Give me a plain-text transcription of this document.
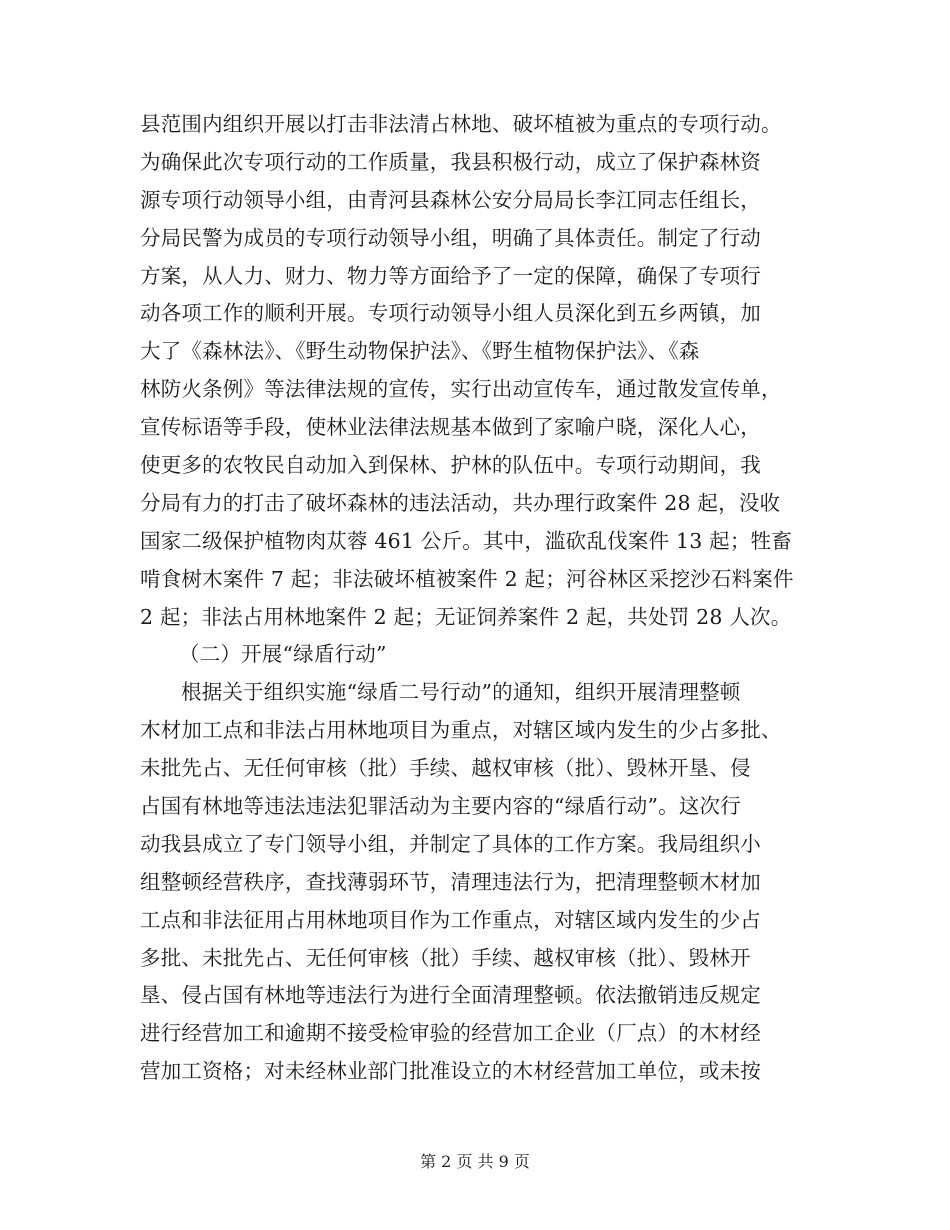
县范围内组织开展以打击非法清占林地、破坏植被为重点的专项行动。
为确保此次专项行动的工作质量，我县积极行动，成立了保护森林资
源专项行动领导小组，由青河县森林公安分局局长李江同志任组长，
分局民警为成员的专项行动领导小组，明确了具体责任。制定了行动
方案，从人力、财力、物力等方面给予了一定的保障，确保了专项行
动各项工作的顺利开展。专项行动领导小组人员深化到五乡两镇，加
大了《森林法》、《野生动物保护法》、《野生植物保护法》、《森
林防火条例》等法律法规的宣传，实行出动宣传车，通过散发宣传单，
宣传标语等手段，使林业法律法规基本做到了家喻户晓，深化人心，
使更多的农牧民自动加入到保林、护林的队伍中。专项行动期间，我
分局有力的打击了破坏森林的违法活动，共办理行政案件 28 起，没收
国家二级保护植物肉苁蓉 461 公斤。其中，滥砍乱伐案件 13 起；牲畜
啃食树木案件 7 起；非法破坏植被案件 2 起；河谷林区采挖沙石料案件
2 起；非法占用林地案件 2 起；无证饲养案件 2 起，共处罚 28 人次。
（二）开展“绿盾行动”
根据关于组织实施“绿盾二号行动”的通知，组织开展清理整顿
木材加工点和非法占用林地项目为重点，对辖区域内发生的少占多批、
未批先占、无任何审核（批）手续、越权审核（批）、毁林开垦、侵
占国有林地等违法违法犯罪活动为主要内容的“绿盾行动”。这次行
动我县成立了专门领导小组，并制定了具体的工作方案。我局组织小
组整顿经营秩序，查找薄弱环节，清理违法行为，把清理整顿木材加
工点和非法征用占用林地项目作为工作重点，对辖区域内发生的少占
多批、未批先占、无任何审核（批）手续、越权审核（批）、毁林开
垦、侵占国有林地等违法行为进行全面清理整顿。依法撤销违反规定
进行经营加工和逾期不接受检审验的经营加工企业（厂点）的木材经
营加工资格；对未经林业部门批准设立的木材经营加工单位，或未按
第 2 页 共 9 页
